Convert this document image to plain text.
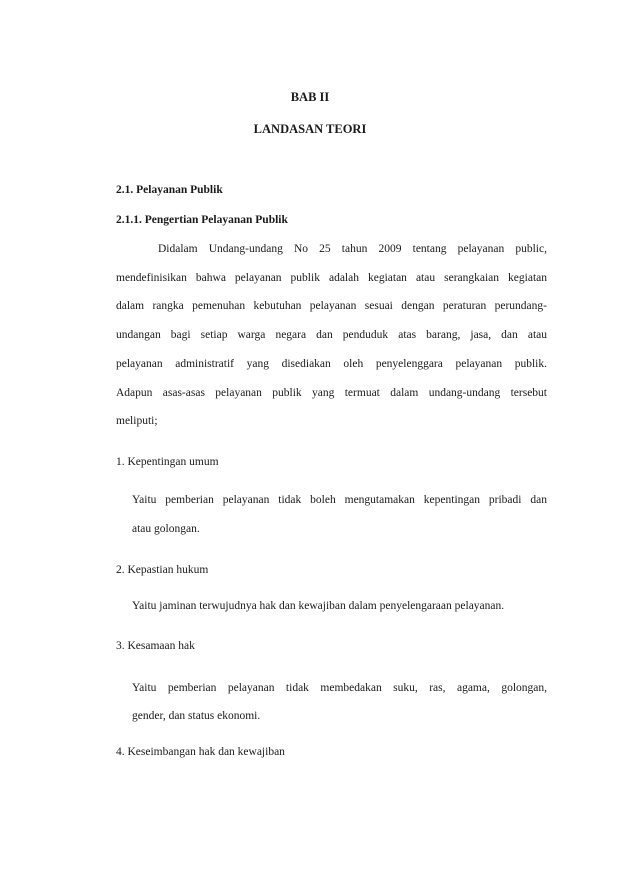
BAB II
LANDASAN TEORI
2.1. Pelayanan Publik
2.1.1. Pengertian Pelayanan Publik
Didalam Undang-undang No 25 tahun 2009 tentang pelayanan public,
mendefinisikan bahwa pelayanan publik adalah kegiatan atau serangkaian kegiatan
dalam rangka pemenuhan kebutuhan pelayanan sesuai dengan peraturan perundang-
undangan bagi setiap warga negara dan penduduk atas barang, jasa, dan atau
pelayanan administratif yang disediakan oleh penyelenggara pelayanan publik.
Adapun asas-asas pelayanan publik yang termuat dalam undang-undang tersebut
meliputi;
1. Kepentingan umum
Yaitu pemberian pelayanan tidak boleh mengutamakan kepentingan pribadi dan
atau golongan.
2. Kepastian hukum
Yaitu jaminan terwujudnya hak dan kewajiban dalam penyelengaraan pelayanan.
3. Kesamaan hak
Yaitu pemberian pelayanan tidak membedakan suku, ras, agama, golongan,
gender, dan status ekonomi.
4. Keseimbangan hak dan kewajiban
